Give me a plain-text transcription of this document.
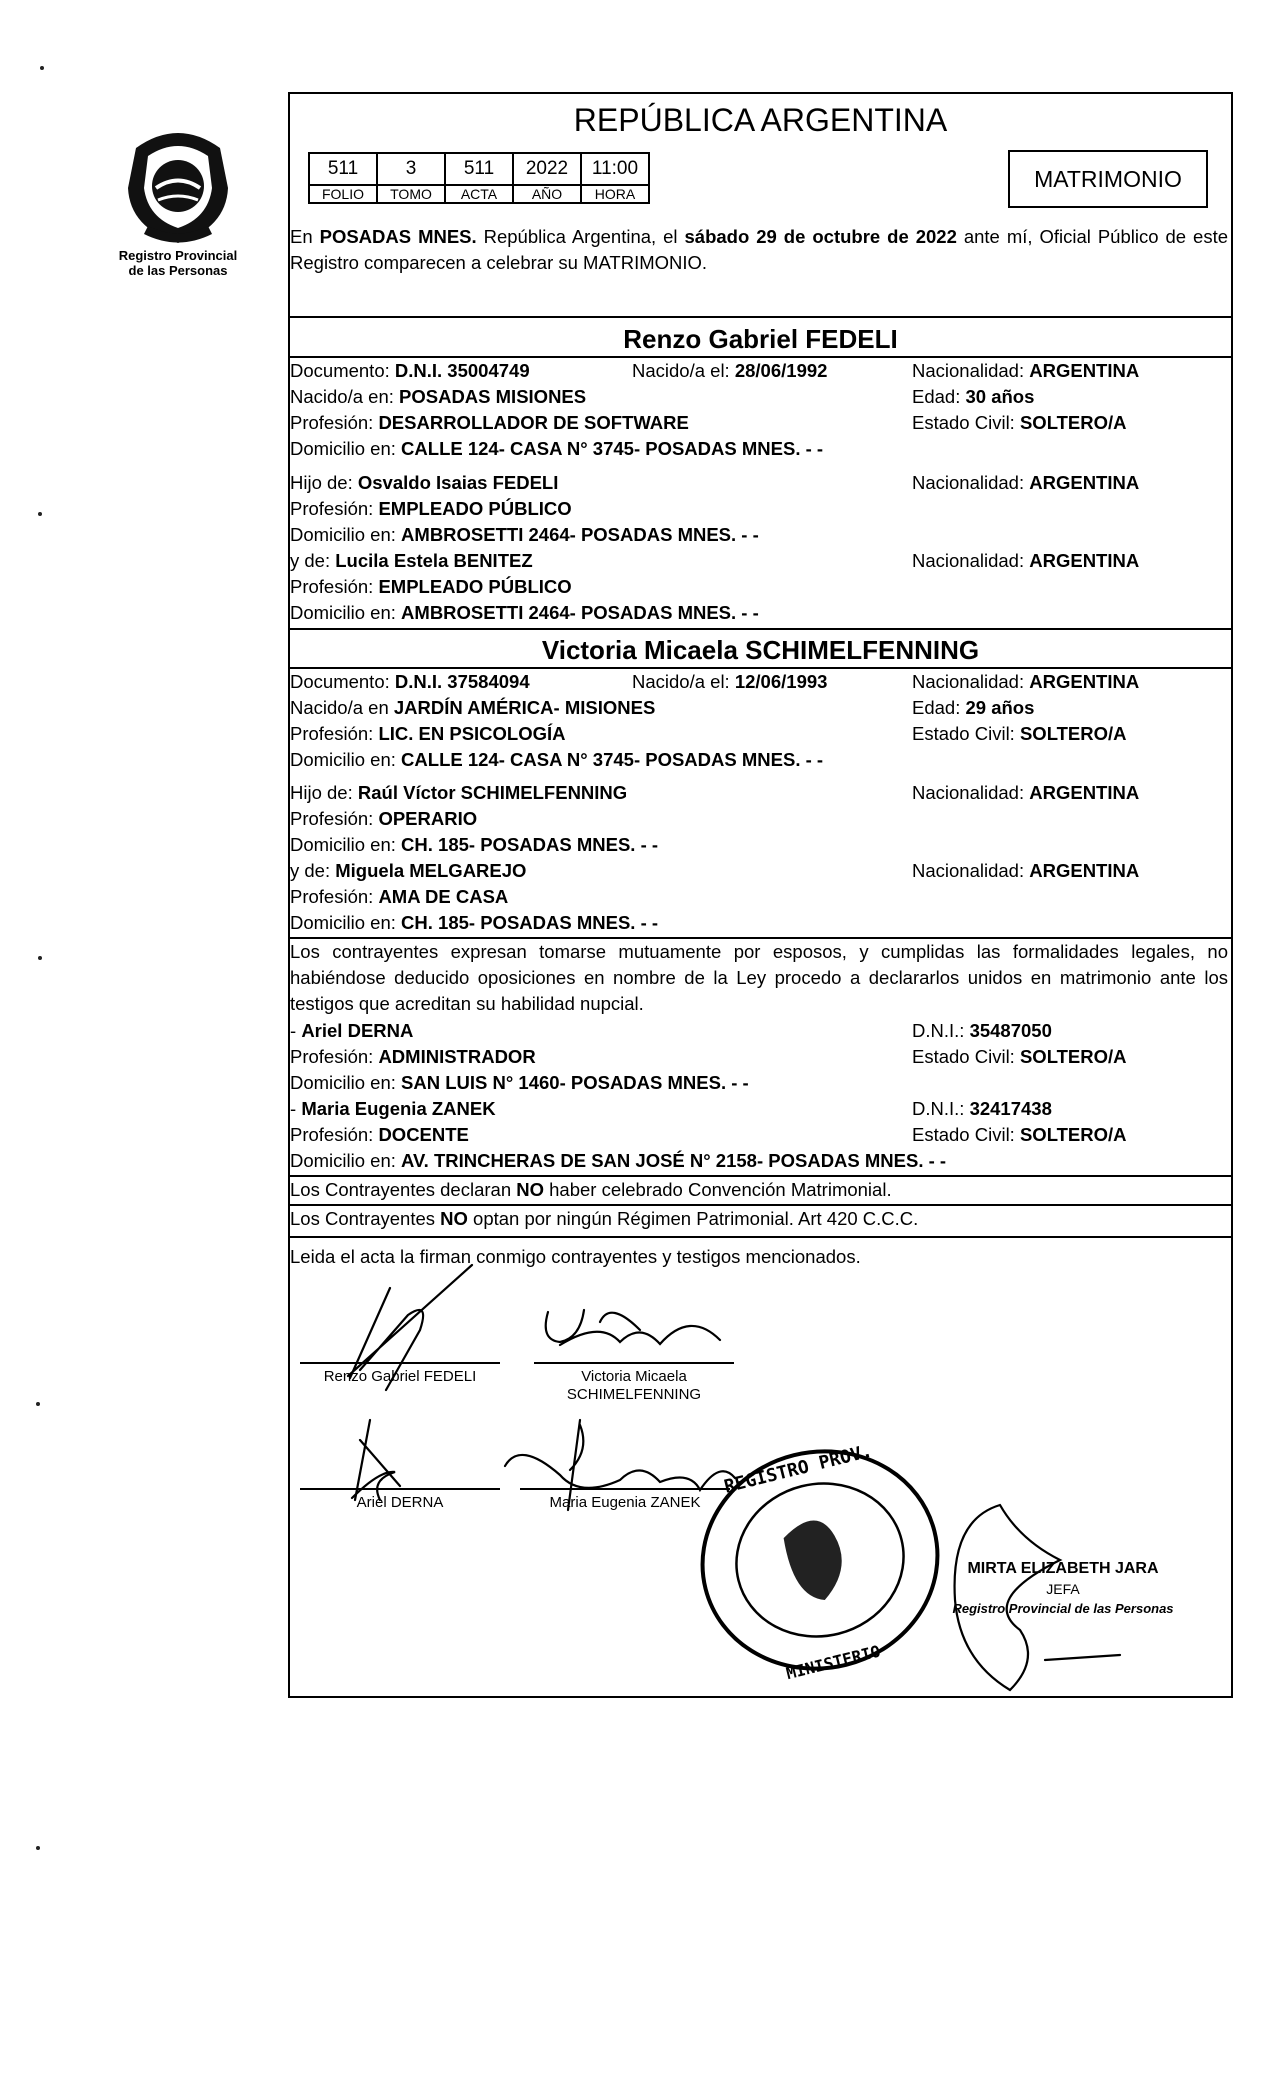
Registro Provincial
de las Personas
REPÚBLICA ARGENTINA
511	3	511	2022	11:00
FOLIO	TOMO	ACTA	AÑO	HORA
MATRIMONIO
En POSADAS MNES. República Argentina, el sábado 29 de octubre de 2022 ante mí, Oficial Público de este Registro comparecen a celebrar su MATRIMONIO.
Renzo Gabriel FEDELI
Documento: D.N.I. 35004749	Nacido/a el: 28/06/1992	Nacionalidad: ARGENTINA
Nacido/a en: POSADAS MISIONES	Edad: 30 años
Profesión: DESARROLLADOR DE SOFTWARE	Estado Civil: SOLTERO/A
Domicilio en: CALLE 124- CASA N° 3745- POSADAS MNES. - -
Hijo de: Osvaldo Isaias FEDELI	Nacionalidad: ARGENTINA
Profesión: EMPLEADO PÚBLICO
Domicilio en: AMBROSETTI 2464- POSADAS MNES. - -
y de: Lucila Estela BENITEZ	Nacionalidad: ARGENTINA
Profesión: EMPLEADO PÚBLICO
Domicilio en: AMBROSETTI 2464- POSADAS MNES. - -
Victoria Micaela SCHIMELFENNING
Documento: D.N.I. 37584094	Nacido/a el: 12/06/1993	Nacionalidad: ARGENTINA
Nacido/a en JARDÍN AMÉRICA- MISIONES	Edad: 29 años
Profesión: LIC. EN PSICOLOGÍA	Estado Civil: SOLTERO/A
Domicilio en: CALLE 124- CASA N° 3745- POSADAS MNES. - -
Hijo de: Raúl Víctor SCHIMELFENNING	Nacionalidad: ARGENTINA
Profesión: OPERARIO
Domicilio en: CH. 185- POSADAS MNES. - -
y de: Miguela MELGAREJO	Nacionalidad: ARGENTINA
Profesión: AMA DE CASA
Domicilio en: CH. 185- POSADAS MNES. - -
Los contrayentes expresan tomarse mutuamente por esposos, y cumplidas las formalidades legales, no habiéndose deducido oposiciones en nombre de la Ley procedo a declararlos unidos en matrimonio ante los testigos que acreditan su habilidad nupcial.
- Ariel DERNA	D.N.I.: 35487050
Profesión: ADMINISTRADOR	Estado Civil: SOLTERO/A
Domicilio en: SAN LUIS N° 1460- POSADAS MNES. - -
- Maria Eugenia ZANEK	D.N.I.: 32417438
Profesión: DOCENTE	Estado Civil: SOLTERO/A
Domicilio en: AV. TRINCHERAS DE SAN JOSÉ N° 2158- POSADAS MNES. - -
Los Contrayentes declaran NO haber celebrado Convención Matrimonial.
Los Contrayentes NO optan por ningún Régimen Patrimonial. Art 420 C.C.C.
Leida el acta la firman conmigo contrayentes y testigos mencionados.
Renzo Gabriel FEDELI	Victoria Micaela
SCHIMELFENNING
Ariel DERNA	Maria Eugenia ZANEK
MIRTA ELIZABETH JARA
JEFA
Registro Provincial de las Personas
REGISTRO PROV.
MINISTERIO
